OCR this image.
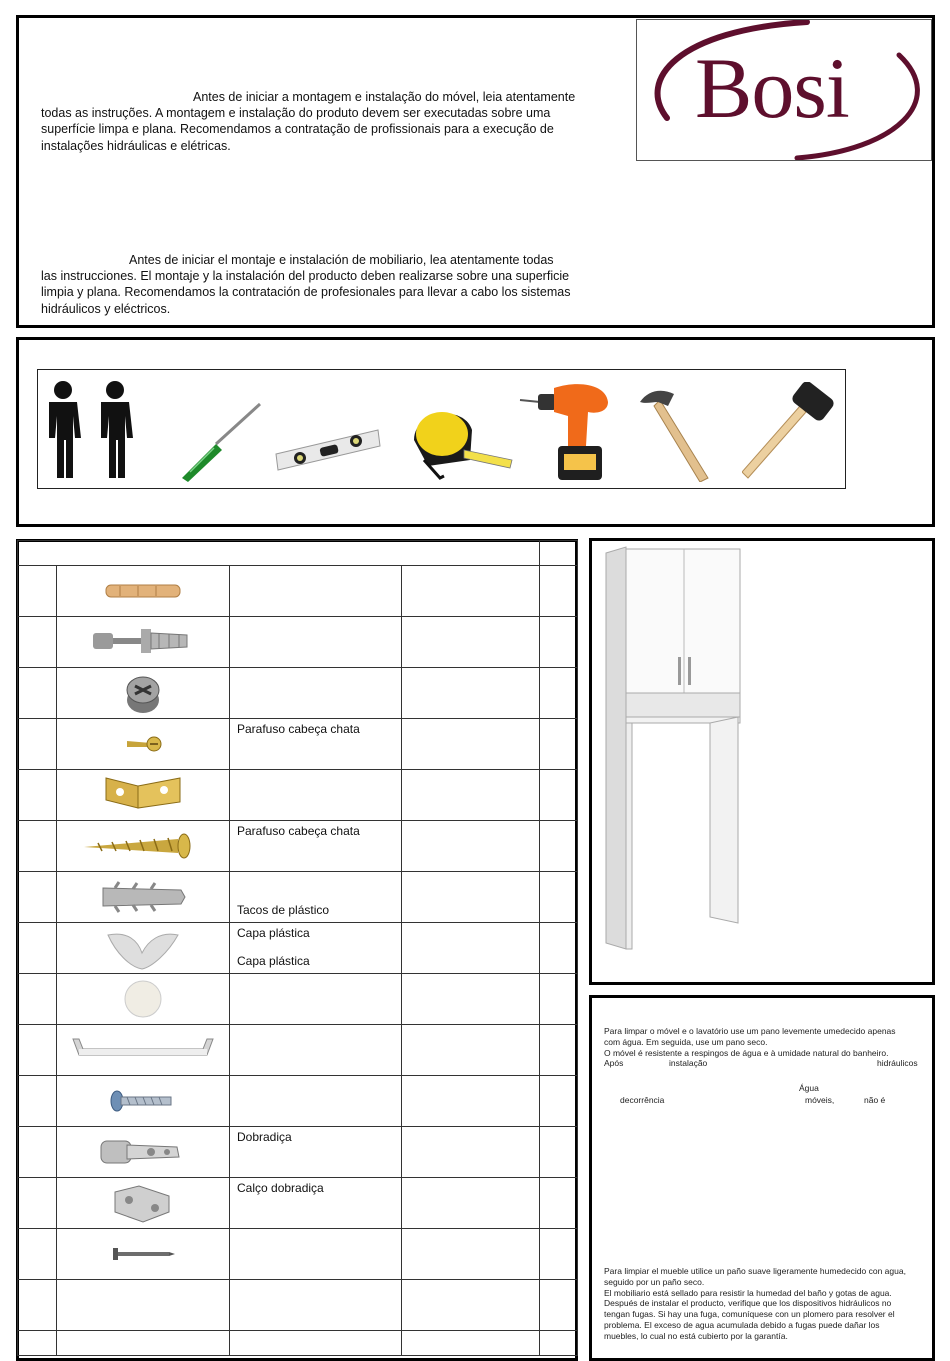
Antes de iniciar a montagem e instalação do móvel, leia atentamente
todas as instruções. A montagem e instalação do produto devem ser executadas sobre uma
superfície limpa e plana. Recomendamos a contratação de profissionais para a execução de
instalações hidráulicas e elétricas.
Antes de iniciar el montaje e instalación de mobiliario, lea atentamente todas
las instrucciones. El montaje y la instalación del producto deben realizarse sobre una superficie
limpia y plana. Recomendamos la contratación de profesionales para llevar a cabo los sistemas
hidráulicos y eléctricos.
Bosi

Parafuso cabeça chata		

Parafuso cabeça chata		

Tacos de plástico		

Capa plástica
Capa plástica		

Dobradiça		

Calço dobradiça		

Para limpar o móvel e o lavatório use um pano levemente umedecido apenas
com água. Em seguida, use um pano seco.
O móvel é resistente a respingos de água e à umidade natural do banheiro.
Após	instalação	hidráulicos
Água
decorrência	móveis,	não é
Para limpiar el mueble utilice un paño suave ligeramente humedecido con agua,
seguido por un paño seco.
El mobiliario está sellado para resistir la humedad del baño y gotas de agua.
Después de instalar el producto, verifique que los dispositivos hidráulicos no
tengan fugas. Si hay una fuga, comuníquese con un plomero para resolver el
problema. El exceso de agua acumulada debido a fugas puede dañar los
muebles, lo cual no está cubierto por la garantía.
